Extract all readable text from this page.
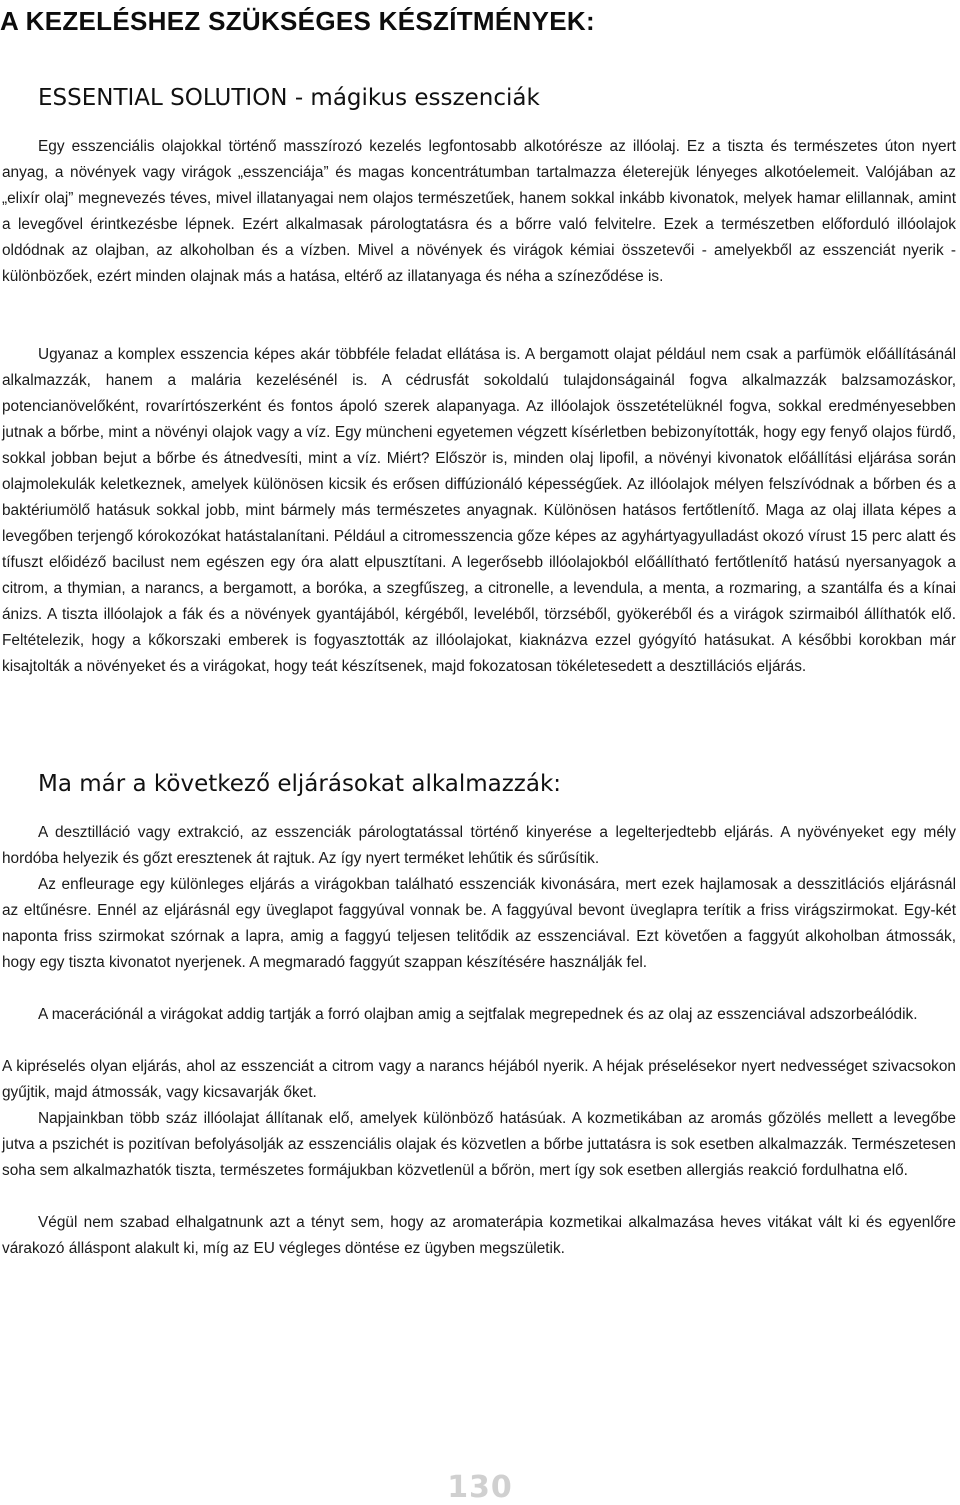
A KEZELÉSHEZ SZÜKSÉGES KÉSZÍTMÉNYEK:
ESSENTIAL SOLUTION - mágikus esszenciák

Egy esszenciális olajokkal történő masszírozó kezelés legfontosabb alkotórésze az illóolaj. Ez a tiszta és természetes úton nyert anyag, a növények vagy virágok „esszenciája” és magas koncentrátumban tartalmazza életerejük lényeges alkotóelemeit. Valójában az „elixír olaj” megnevezés téves, mivel illatanyagai nem olajos természetűek, hanem sokkal inkább kivonatok, melyek hamar elillannak, amint a levegővel érintkezésbe lépnek. Ezért alkalmasak párologtatásra és a bőrre való felvitelre. Ezek a természetben előforduló illóolajok oldódnak az olajban, az alkoholban és a vízben. Mivel a növények és virágok kémiai összetevői - amelyekből az esszenciát nyerik - különbözőek, ezért minden olajnak más a hatása, eltérő az illatanyaga és néha a színeződése is.

Ugyanaz a komplex esszencia képes akár többféle feladat ellátása is. A bergamott olajat például nem csak a parfümök előállításánál alkalmazzák, hanem a malária kezelésénél is. A cédrusfát sokoldalú tulajdonságainál fogva alkalmazzák balzsamozáskor, potencianövelőként, rovarírtószerként és fontos ápoló szerek alapanyaga. Az illóolajok összetételüknél fogva, sokkal eredményesebben jutnak a bőrbe, mint a növényi olajok vagy a víz. Egy müncheni egyetemen végzett kísérletben bebizonyították, hogy egy fenyő olajos fürdő, sokkal jobban bejut a bőrbe és átnedvesíti, mint a víz. Miért? Először is, minden olaj lipofil, a növényi kivonatok előállítási eljárása során olajmolekulák keletkeznek, amelyek különösen kicsik és erősen diffúzionáló képességűek. Az illóolajok mélyen felszívódnak a bőrben és a baktériumölő hatásuk sokkal jobb, mint bármely más természetes anyagnak. Különösen hatásos fertőtlenítő. Maga az olaj illata képes a levegőben terjengő kórokozókat hatástalanítani. Például a citromesszencia gőze képes az agyhártyagyulladást okozó vírust 15 perc alatt és tífuszt előidéző bacilust nem egészen egy óra alatt elpusztítani. A legerősebb illóolajokból előállítható fertőtlenítő hatású nyersanyagok a citrom, a thymian, a narancs, a bergamott, a boróka, a szegfűszeg, a citronelle, a levendula, a menta, a rozmaring, a szantálfa és a kínai ánizs. A tiszta illóolajok a fák és a növények gyantájából, kérgéből, leveléből, törzséből, gyökeréből és a virágok szirmaiból állíthatók elő. Feltételezik, hogy a kőkorszaki emberek is fogyasztották az illóolajokat, kiaknázva ezzel gyógyító hatásukat. A későbbi korokban már kisajtolták a növényeket és a virágokat, hogy teát készítsenek, majd fokozatosan tökéletesedett a desztillációs eljárás.

Ma már a következő eljárásokat alkalmazzák:

A desztilláció vagy extrakció, az esszenciák párologtatással történő kinyerése a legelterjedtebb eljárás. A nyövényeket egy mély hordóba helyezik és gőzt eresztenek át rajtuk. Az így nyert terméket lehűtik és sűrűsítik.

Az enfleurage egy különleges eljárás a virágokban található esszenciák kivonására, mert ezek hajlamosak a desszitlációs eljárásnál az eltűnésre. Ennél az eljárásnál egy üveglapot faggyúval vonnak be. A faggyúval bevont üveglapra terítik a friss virágszirmokat. Egy-két naponta friss szirmokat szórnak a lapra, amig a faggyú teljesen telitődik az esszenciával. Ezt követően a faggyút alkoholban átmossák, hogy egy tiszta kivonatot nyerjenek. A megmaradó faggyút szappan készítésére használják fel.

A macerációnál a virágokat addig tartják a forró olajban amig a sejtfalak megrepednek és az olaj az esszenciával adszorbeálódik.

A kipréselés olyan eljárás, ahol az esszenciát a citrom vagy a narancs héjából nyerik. A héjak préselésekor nyert nedvességet szivacsokon gyűjtik, majd átmossák, vagy kicsavarják őket.

Napjainkban több száz illóolajat állítanak elő, amelyek különböző hatásúak. A kozmetikában az aromás gőzölés mellett a levegőbe jutva a pszichét is pozitívan befolyásolják az esszenciális olajak és közvetlen a bőrbe juttatásra is sok esetben alkalmazzák. Természetesen soha sem alkalmazhatók tiszta, természetes formájukban közvetlenül a bőrön, mert így sok esetben allergiás reakció fordulhatna elő.

Végül nem szabad elhalgatnunk azt a tényt sem, hogy az aromaterápia kozmetikai alkalmazása heves vitákat vált ki és egyenlőre várakozó álláspont alakult ki, míg az EU végleges döntése ez ügyben megszületik.

130
